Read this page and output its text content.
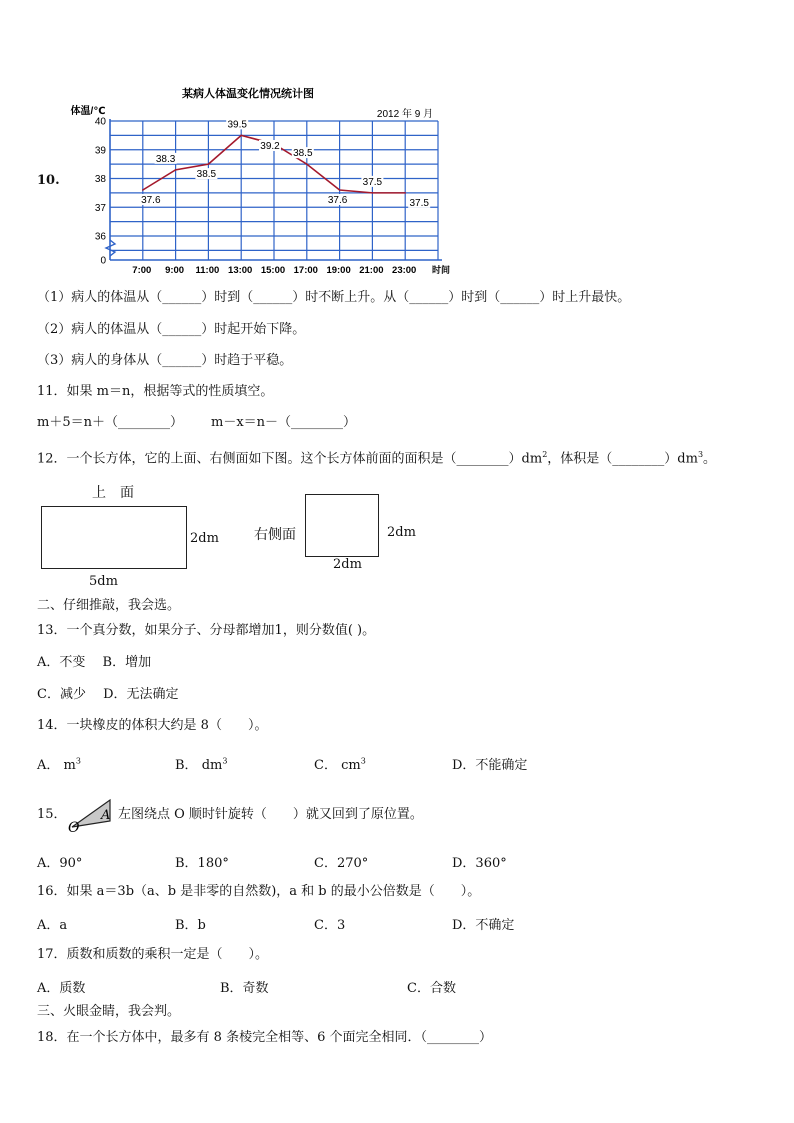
10.
某病人体温变化情况统计图
2012 年 9 月
体温/℃
时间
40
39
38
37
36
0
7:00 9:00 11:00 13:00 15:00 17:00 19:00 21:00 23:00
37.6
38.3
38.5
39.5
39.2
38.5
37.6
37.5
37.5
（1）病人的体温从（______）时到（______）时不断上升。从（______）时到（______）时上升最快。
（2）病人的体温从（______）时起开始下降。
（3）病人的身体从（______）时趋于平稳。
11．如果 m＝n，根据等式的性质填空。
m＋5＝n＋（________） m－x＝n－（________）
12．一个长方体，它的上面、右侧面如下图。这个长方体前面的面积是$(\_\_\_\_\_\_\_\_)dm^2$，体积是$(\_\_\_\_\_\_\_\_)dm^3$。
上　面
2dm
5dm
右侧面	2dm
2dm
二、仔细推敲，我会选。
13．一个真分数，如果分子、分母都增加1，则分数值( )。
A．不变　 B．增加
C．减少　 D．无法确定
14．一块橡皮的体积大约是 8（　　）。
A． $m^3$	B． $dm^3$	C． $cm^3$	D．不能确定
15．	A
O
左图绕点 O 顺时针旋转（　　）就又回到了原位置。
A．90°	B．180°	C．270°	D．360°
16．如果 a＝3b（a、b 是非零的自然数)，a 和 b 的最小公倍数是（　　）。
A．a	B．b	C．3	D．不确定
17．质数和质数的乘积一定是（　　）。
A．质数	B．奇数	C．合数
三、火眼金睛，我会判。
18．在一个长方体中，最多有 8 条棱完全相等、6 个面完全相同．（________）
